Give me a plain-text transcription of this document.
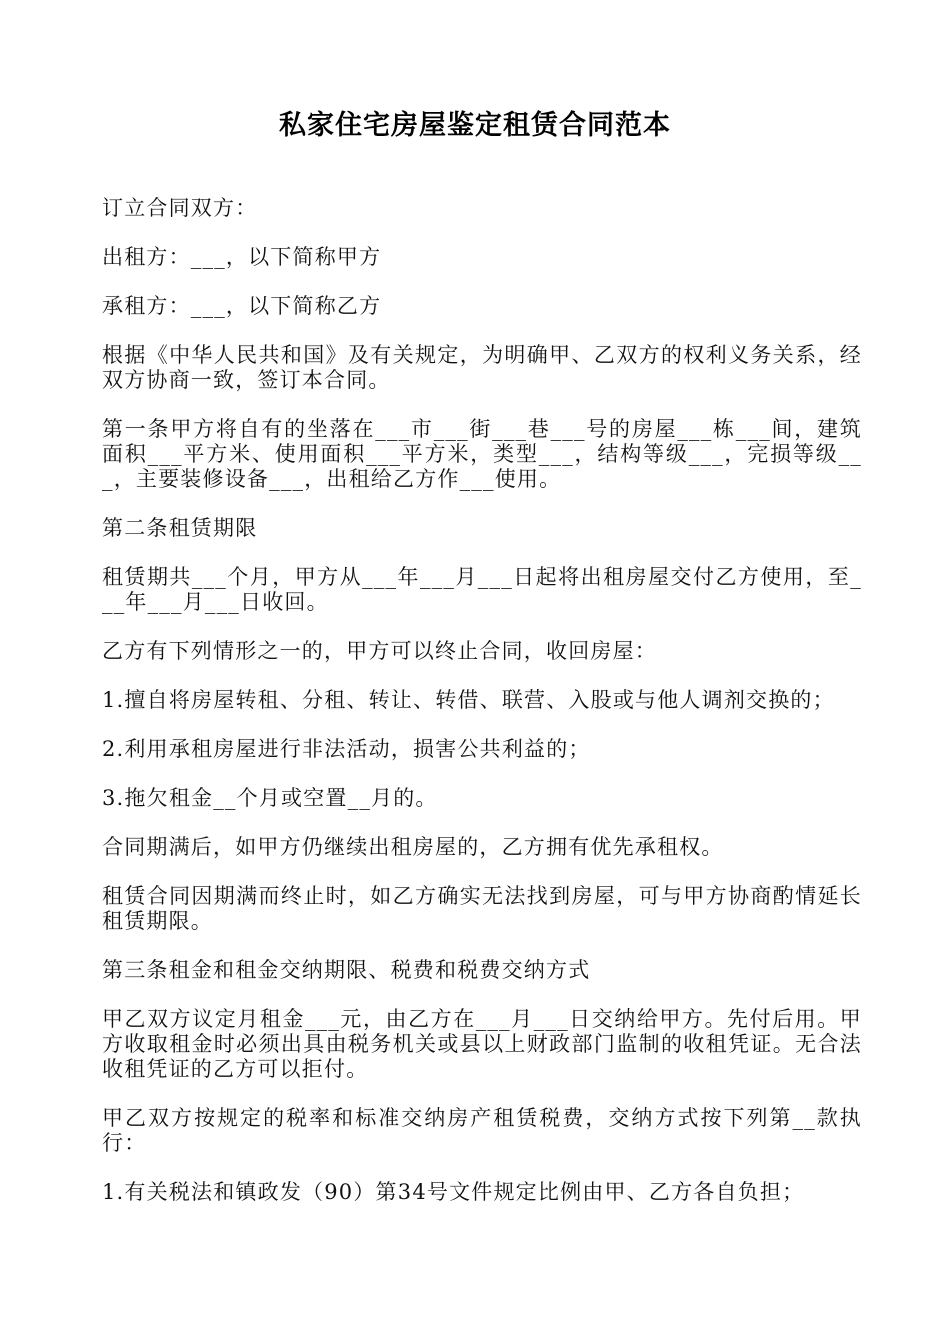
私家住宅房屋鉴定租赁合同范本

订立合同双方：

出租方：___，以下简称甲方

承租方：___，以下简称乙方

根据《中华人民共和国》及有关规定，为明确甲、乙双方的权利义务关系，经双方协商一致，签订本合同。

第一条甲方将自有的坐落在___市___街___巷___号的房屋___栋___间，建筑面积___平方米、使用面积___平方米，类型___，结构等级___，完损等级___，主要装修设备___，出租给乙方作___使用。

第二条租赁期限

租赁期共___个月，甲方从___年___月___日起将出租房屋交付乙方使用，至___年___月___日收回。

乙方有下列情形之一的，甲方可以终止合同，收回房屋：

1.擅自将房屋转租、分租、转让、转借、联营、入股或与他人调剂交换的；

2.利用承租房屋进行非法活动，损害公共利益的；

3.拖欠租金__个月或空置__月的。

合同期满后，如甲方仍继续出租房屋的，乙方拥有优先承租权。

租赁合同因期满而终止时，如乙方确实无法找到房屋，可与甲方协商酌情延长租赁期限。

第三条租金和租金交纳期限、税费和税费交纳方式

甲乙双方议定月租金___元，由乙方在___月___日交纳给甲方。先付后用。甲方收取租金时必须出具由税务机关或县以上财政部门监制的收租凭证。无合法收租凭证的乙方可以拒付。

甲乙双方按规定的税率和标准交纳房产租赁税费，交纳方式按下列第__款执行：

1.有关税法和镇政发（90）第34号文件规定比例由甲、乙方各自负担；
